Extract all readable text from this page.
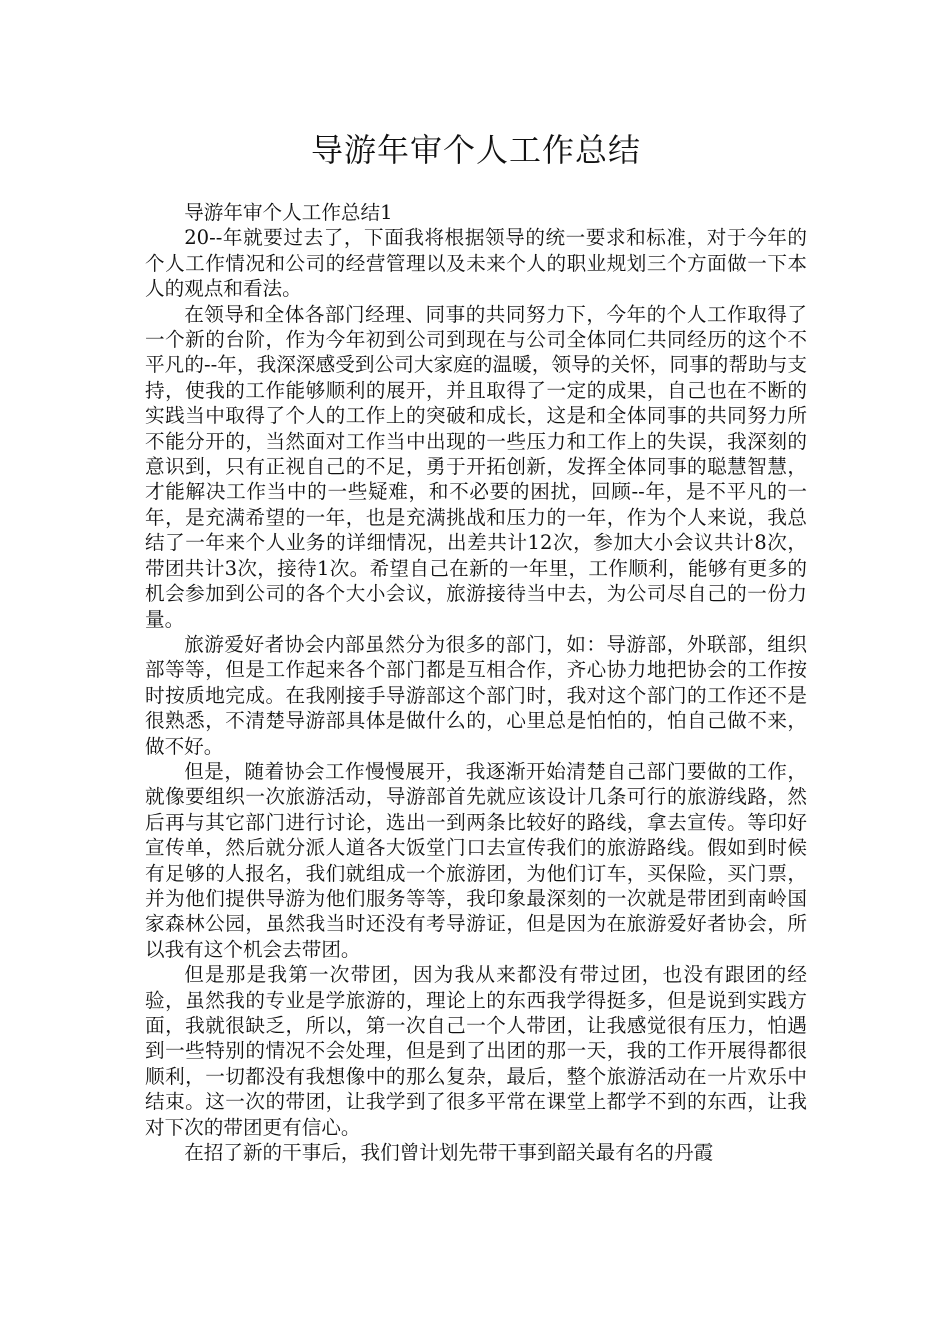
导游年审个人工作总结

导游年审个人工作总结1

20--年就要过去了，下面我将根据领导的统一要求和标准，对于今年的个人工作情况和公司的经营管理以及未来个人的职业规划三个方面做一下本人的观点和看法。

在领导和全体各部门经理、同事的共同努力下，今年的个人工作取得了一个新的台阶，作为今年初到公司到现在与公司全体同仁共同经历的这个不平凡的--年，我深深感受到公司大家庭的温暖，领导的关怀，同事的帮助与支持，使我的工作能够顺利的展开，并且取得了一定的成果，自己也在不断的实践当中取得了个人的工作上的突破和成长，这是和全体同事的共同努力所不能分开的，当然面对工作当中出现的一些压力和工作上的失误，我深刻的意识到，只有正视自己的不足，勇于开拓创新，发挥全体同事的聪慧智慧，才能解决工作当中的一些疑难，和不必要的困扰，回顾--年，是不平凡的一年，是充满希望的一年，也是充满挑战和压力的一年，作为个人来说，我总结了一年来个人业务的详细情况，出差共计12次，参加大小会议共计8次，带团共计3次，接待1次。希望自己在新的一年里，工作顺利，能够有更多的机会参加到公司的各个大小会议，旅游接待当中去，为公司尽自己的一份力量。

旅游爱好者协会内部虽然分为很多的部门，如：导游部，外联部，组织部等等，但是工作起来各个部门都是互相合作，齐心协力地把协会的工作按时按质地完成。在我刚接手导游部这个部门时，我对这个部门的工作还不是很熟悉，不清楚导游部具体是做什么的，心里总是怕怕的，怕自己做不来，做不好。

但是，随着协会工作慢慢展开，我逐渐开始清楚自己部门要做的工作，就像要组织一次旅游活动，导游部首先就应该设计几条可行的旅游线路，然后再与其它部门进行讨论，选出一到两条比较好的路线，拿去宣传。等印好宣传单，然后就分派人道各大饭堂门口去宣传我们的旅游路线。假如到时候有足够的人报名，我们就组成一个旅游团，为他们订车，买保险，买门票，并为他们提供导游为他们服务等等，我印象最深刻的一次就是带团到南岭国家森林公园，虽然我当时还没有考导游证，但是因为在旅游爱好者协会，所以我有这个机会去带团。

但是那是我第一次带团，因为我从来都没有带过团，也没有跟团的经验，虽然我的专业是学旅游的，理论上的东西我学得挺多，但是说到实践方面，我就很缺乏，所以，第一次自己一个人带团，让我感觉很有压力，怕遇到一些特别的情况不会处理，但是到了出团的那一天，我的工作开展得都很顺利，一切都没有我想像中的那么复杂，最后，整个旅游活动在一片欢乐中结束。这一次的带团，让我学到了很多平常在课堂上都学不到的东西，让我对下次的带团更有信心。

在招了新的干事后，我们曾计划先带干事到韶关最有名的丹霞
